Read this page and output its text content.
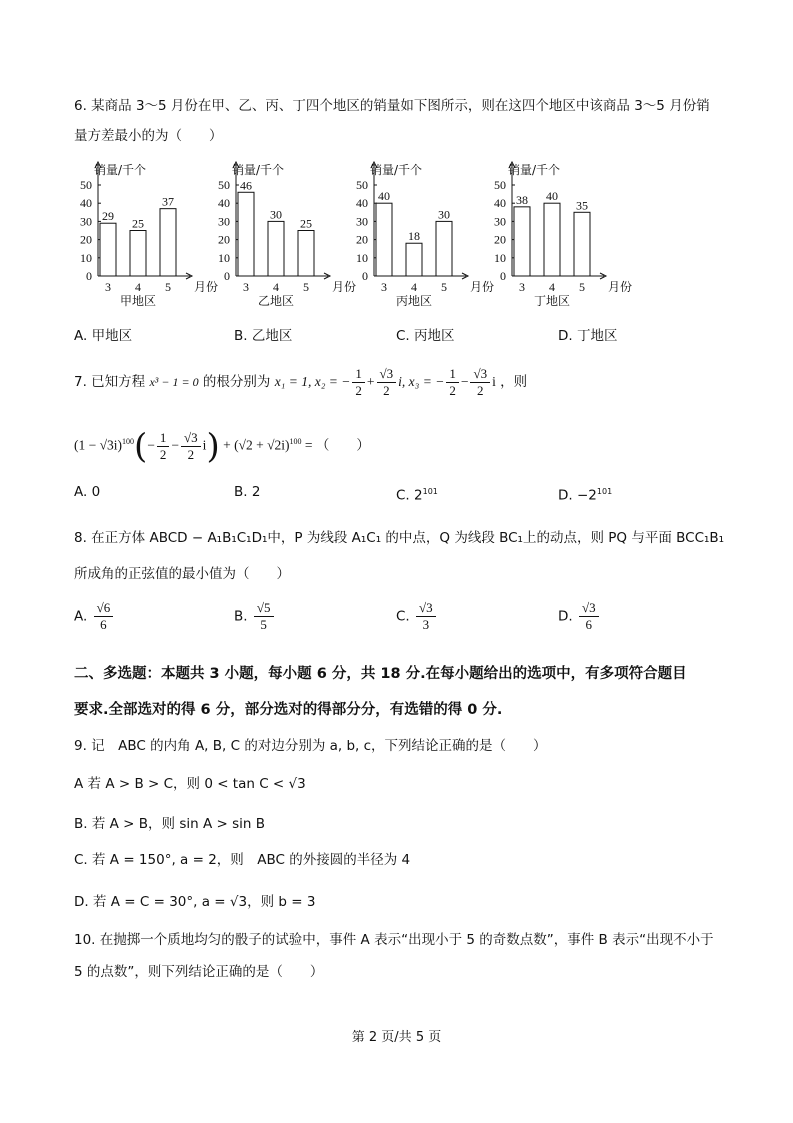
6. 某商品 3～5 月份在甲、乙、丙、丁四个地区的销量如下图所示，则在这四个地区中该商品 3～5 月份销
量方差最小的为（　　）
销量/千个
0
10
20
30
40
50
29
3
25
4
37
5 月份
甲地区
销量/千个
0
10
20
30
40
50 46
3
30
4
25
5 月份
乙地区
销量/千个
0
10
20
30
40
50
40
3
18
4
30
5 月份
丙地区
销量/千个
0
10
20
30
40
50
38
3
40
4
35
5 月份
丁地区
A. 甲地区	B. 乙地区	C. 丙地区	D. 丁地区
7. 已知方程 x³ − 1 = 0 的根分别为 x₁ = 1, x₂ = − $\frac{1}{2} + \frac{√3}{2} i$, x₃ = − $\frac{1}{2} - \frac{√3}{2}$ i ，则
$(1 - √3i)^{100}(- \frac{1}{2} - \frac{√3}{2} i) + (√2 + √2i)^{100}$ = （　　）
A. 0	B. 2	C. $2^{101}$	D. $-2^{101}$
8. 在正方体 ABCD − A₁B₁C₁D₁中，P 为线段 A₁C₁ 的中点，Q 为线段 BC₁上的动点，则 PQ 与平面 BCC₁B₁
所成角的正弦值的最小值为（　　）
A. $\frac{√6}{6}$	B. $\frac{√5}{5}$	C. $\frac{√3}{3}$	D. $\frac{√3}{6}$
二、多选题：本题共 3 小题，每小题 6 分，共 18 分.在每小题给出的选项中，有多项符合题目
要求.全部选对的得 6 分，部分选对的得部分分，有选错的得 0 分.
9. 记　ABC 的内角 A, B, C 的对边分别为 a, b, c，下列结论正确的是（　　）
A 若 A > B > C，则 0 < tan C < √3
B. 若 A > B，则 sin A > sin B
C. 若 A = 150°, a = 2，则　ABC 的外接圆的半径为 4
D. 若 A = C = 30°, a = √3，则 b = 3
10. 在抛掷一个质地均匀的骰子的试验中，事件 A 表示“出现小于 5 的奇数点数”，事件 B 表示“出现不小于
5 的点数”，则下列结论正确的是（　　）
第 2 页/共 5 页
